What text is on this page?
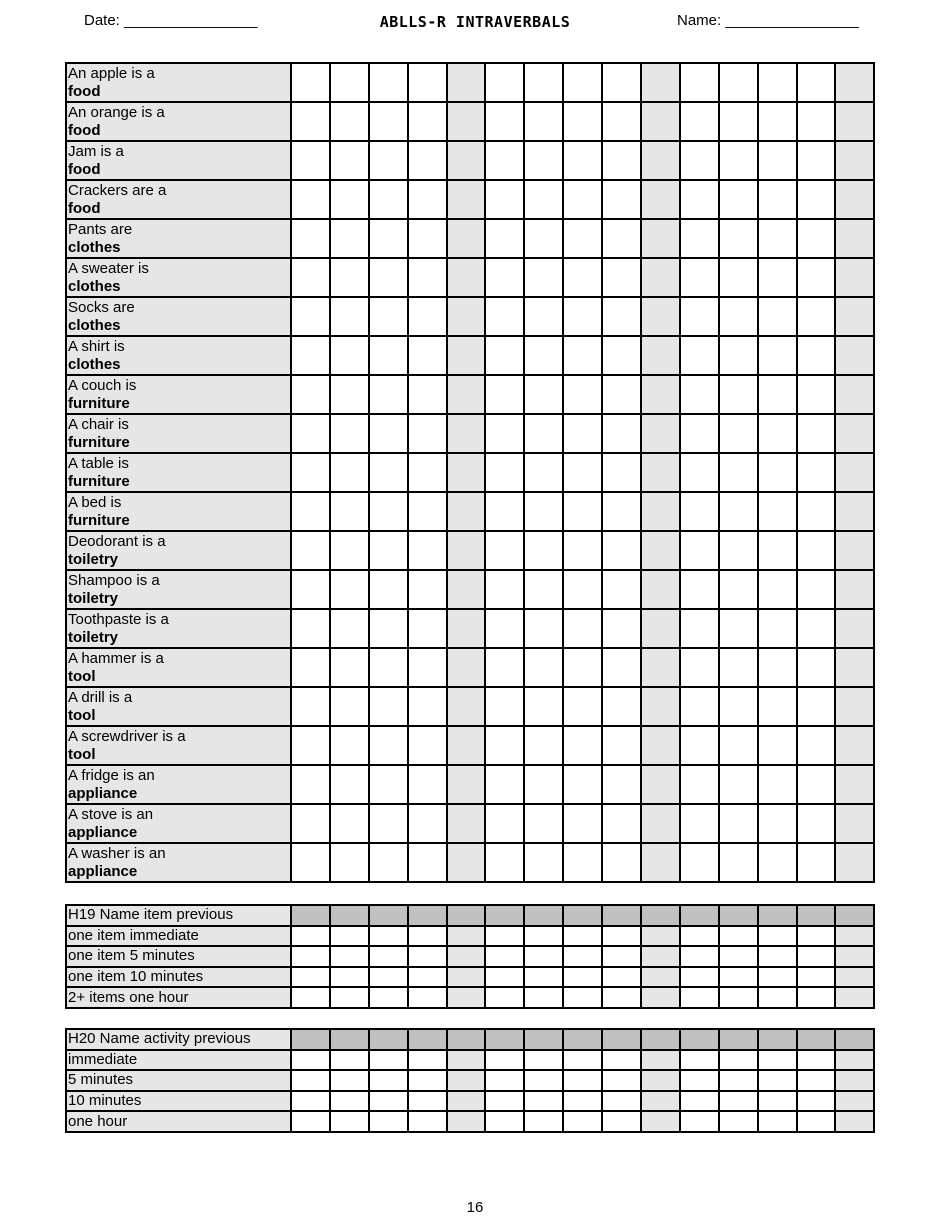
Date: ________________	ABLLS-R INTRAVERBALS	Name: ________________
An apple is a
food															

An orange is a
food															

Jam is a
food															

Crackers are a
food															

Pants are
clothes															

A sweater is
clothes															

Socks are
clothes															

A shirt is
clothes															

A couch is
furniture															

A chair is
furniture															

A table is
furniture															

A bed is
furniture															

Deodorant is a
toiletry															

Shampoo is a
toiletry															

Toothpaste is a
toiletry															

A hammer is a
tool															

A drill is a
tool															

A screwdriver is a
tool															

A fridge is an
appliance															

A stove is an
appliance															

A washer is an
appliance															

H19 Name item previous															
one item immediate															
one item 5 minutes															
one item 10 minutes															
2+ items one hour															
H20 Name activity previous															
immediate															
5 minutes															
10 minutes															
one hour															
16
